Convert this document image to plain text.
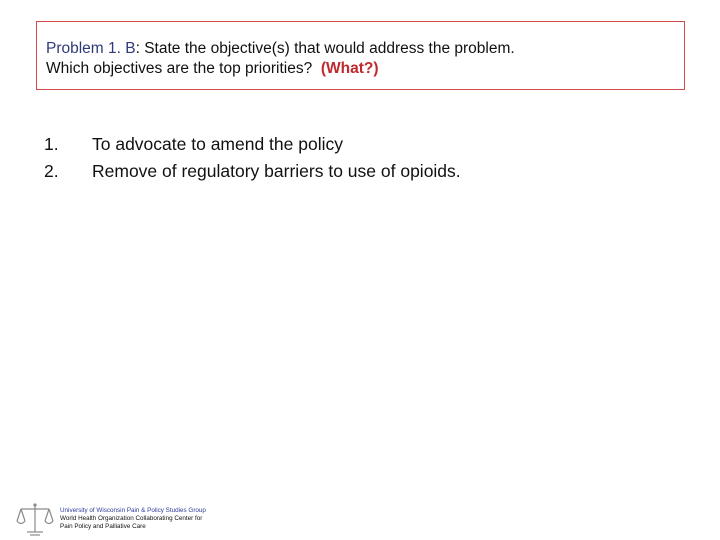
Problem 1. B: State the objective(s) that would address the problem.
Which objectives are the top priorities? (What?)
1.	To advocate to amend the policy
2.	Remove of regulatory barriers to use of opioids.
University of Wisconsin Pain & Policy Studies Group
World Health Organization Collaborating Center for
Pain Policy and Palliative Care
